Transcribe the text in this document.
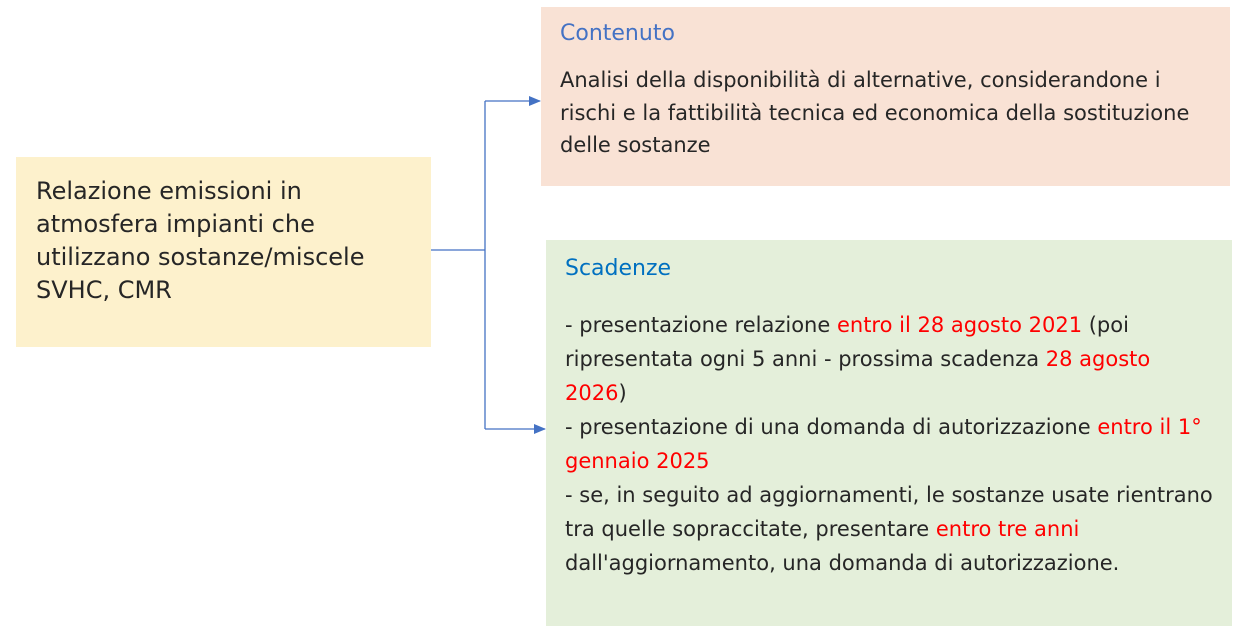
Relazione emissioni in atmosfera impianti che utilizzano sostanze/miscele SVHC, CMR
Contenuto
Analisi della disponibilità di alternative, considerandone i rischi e la fattibilità tecnica ed economica della sostituzione delle sostanze
Scadenze
- presentazione relazione entro il 28 agosto 2021 (poi ripresentata ogni 5 anni - prossima scadenza 28 agosto 2026)
- presentazione di una domanda di autorizzazione entro il 1° gennaio 2025
- se, in seguito ad aggiornamenti, le sostanze usate rientrano tra quelle sopraccitate, presentare entro tre anni dall'aggiornamento, una domanda di autorizzazione.
